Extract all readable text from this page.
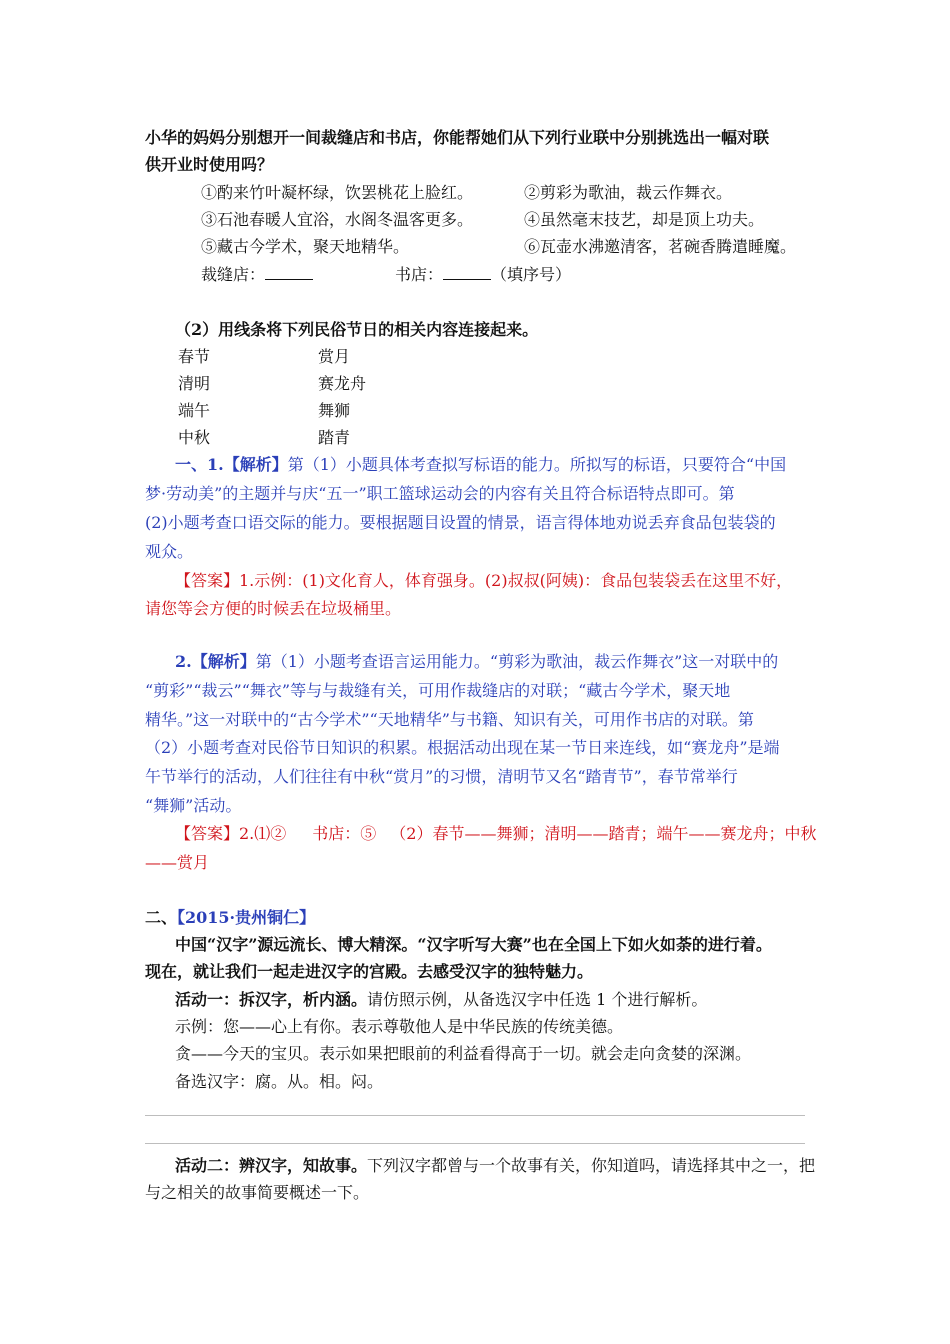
小华的妈妈分别想开一间裁缝店和书店，你能帮她们从下列行业联中分别挑选出一幅对联
供开业时使用吗？
①酌来竹叶凝杯绿，饮罢桃花上脸红。	②剪彩为歌油，裁云作舞衣。
③石池春暖人宜浴，水阁冬温客更多。	④虽然毫末技艺，却是顶上功夫。
⑤藏古今学术，聚天地精华。	⑥瓦壶水沸邀清客，茗碗香腾遣睡魔。
裁缝店：	书店：	（填序号）
（2）用线条将下列民俗节日的相关内容连接起来。
春节	赏月
清明	赛龙舟
端午	舞狮
中秋	踏青
一、1.【解析】第（1）小题具体考查拟写标语的能力。所拟写的标语，只要符合“中国
梦·劳动美”的主题并与庆“五一”职工篮球运动会的内容有关且符合标语特点即可。第
(2)小题考查口语交际的能力。要根据题目设置的情景，语言得体地劝说丢弃食品包装袋的
观众。
【答案】1.示例：(1)文化育人，体育强身。(2)叔叔(阿姨)：食品包装袋丢在这里不好，
请您等会方便的时候丢在垃圾桶里。
2.【解析】第（1）小题考查语言运用能力。“剪彩为歌油，裁云作舞衣”这一对联中的
“剪彩”“裁云”“舞衣”等与与裁缝有关，可用作裁缝店的对联；“藏古今学术，聚天地
精华。”这一对联中的“古今学术”“天地精华”与书籍、知识有关，可用作书店的对联。第
（2）小题考查对民俗节日知识的积累。根据活动出现在某一节日来连线，如“赛龙舟”是端
午节举行的活动，人们往往有中秋“赏月”的习惯，清明节又名“踏青节”，春节常举行
“舞狮”活动。
【答案】2.⑴② 书店：⑤ （2）春节——舞狮；清明——踏青；端午——赛龙舟；中秋
——赏月
二、【2015·贵州铜仁】
中国“汉字”源远流长、博大精深。“汉字听写大赛”也在全国上下如火如荼的进行着。
现在，就让我们一起走进汉字的宫殿。去感受汉字的独特魅力。
活动一：拆汉字，析内涵。请仿照示例，从备选汉字中任选 1 个进行解析。
示例：您——心上有你。表示尊敬他人是中华民族的传统美德。
贪——今天的宝贝。表示如果把眼前的利益看得高于一切。就会走向贪婪的深渊。
备选汉字：腐。从。相。闷。
活动二：辨汉字，知故事。下列汉字都曾与一个故事有关，你知道吗，请选择其中之一，把
与之相关的故事简要概述一下。
